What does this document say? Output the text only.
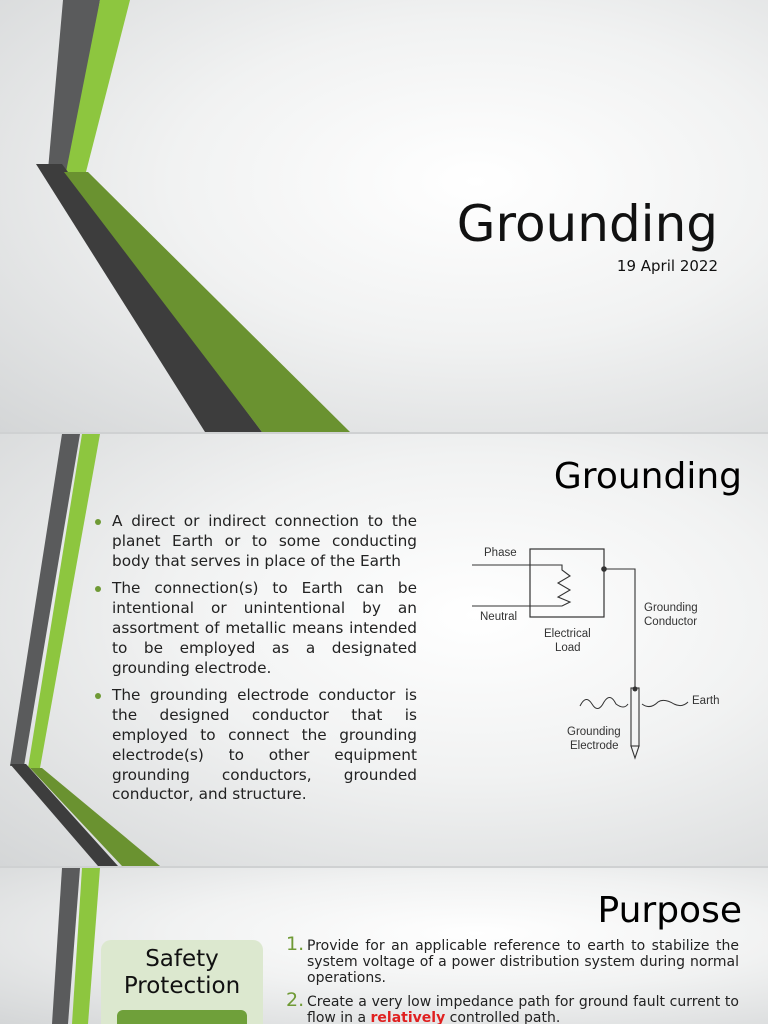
Grounding
19 April 2022
Grounding
A direct or indirect connection to the planet Earth or to some conducting body that serves in place of the Earth
The connection(s) to Earth can be intentional or unintentional by an assortment of metallic means intended to be employed as a designated grounding electrode.
The grounding electrode conductor is the designed conductor that is employed to connect the grounding electrode(s) to other equipment grounding conductors, grounded conductor, and structure.
Phase
Neutral
Electrical
Load
Grounding
Conductor
Earth
Grounding
Electrode
Purpose
Safety
Protection
1. Provide for an applicable reference to earth to stabilize the system voltage of a power distribution system during normal operations.
2. Create a very low impedance path for ground fault current to flow in a relatively controlled path.
